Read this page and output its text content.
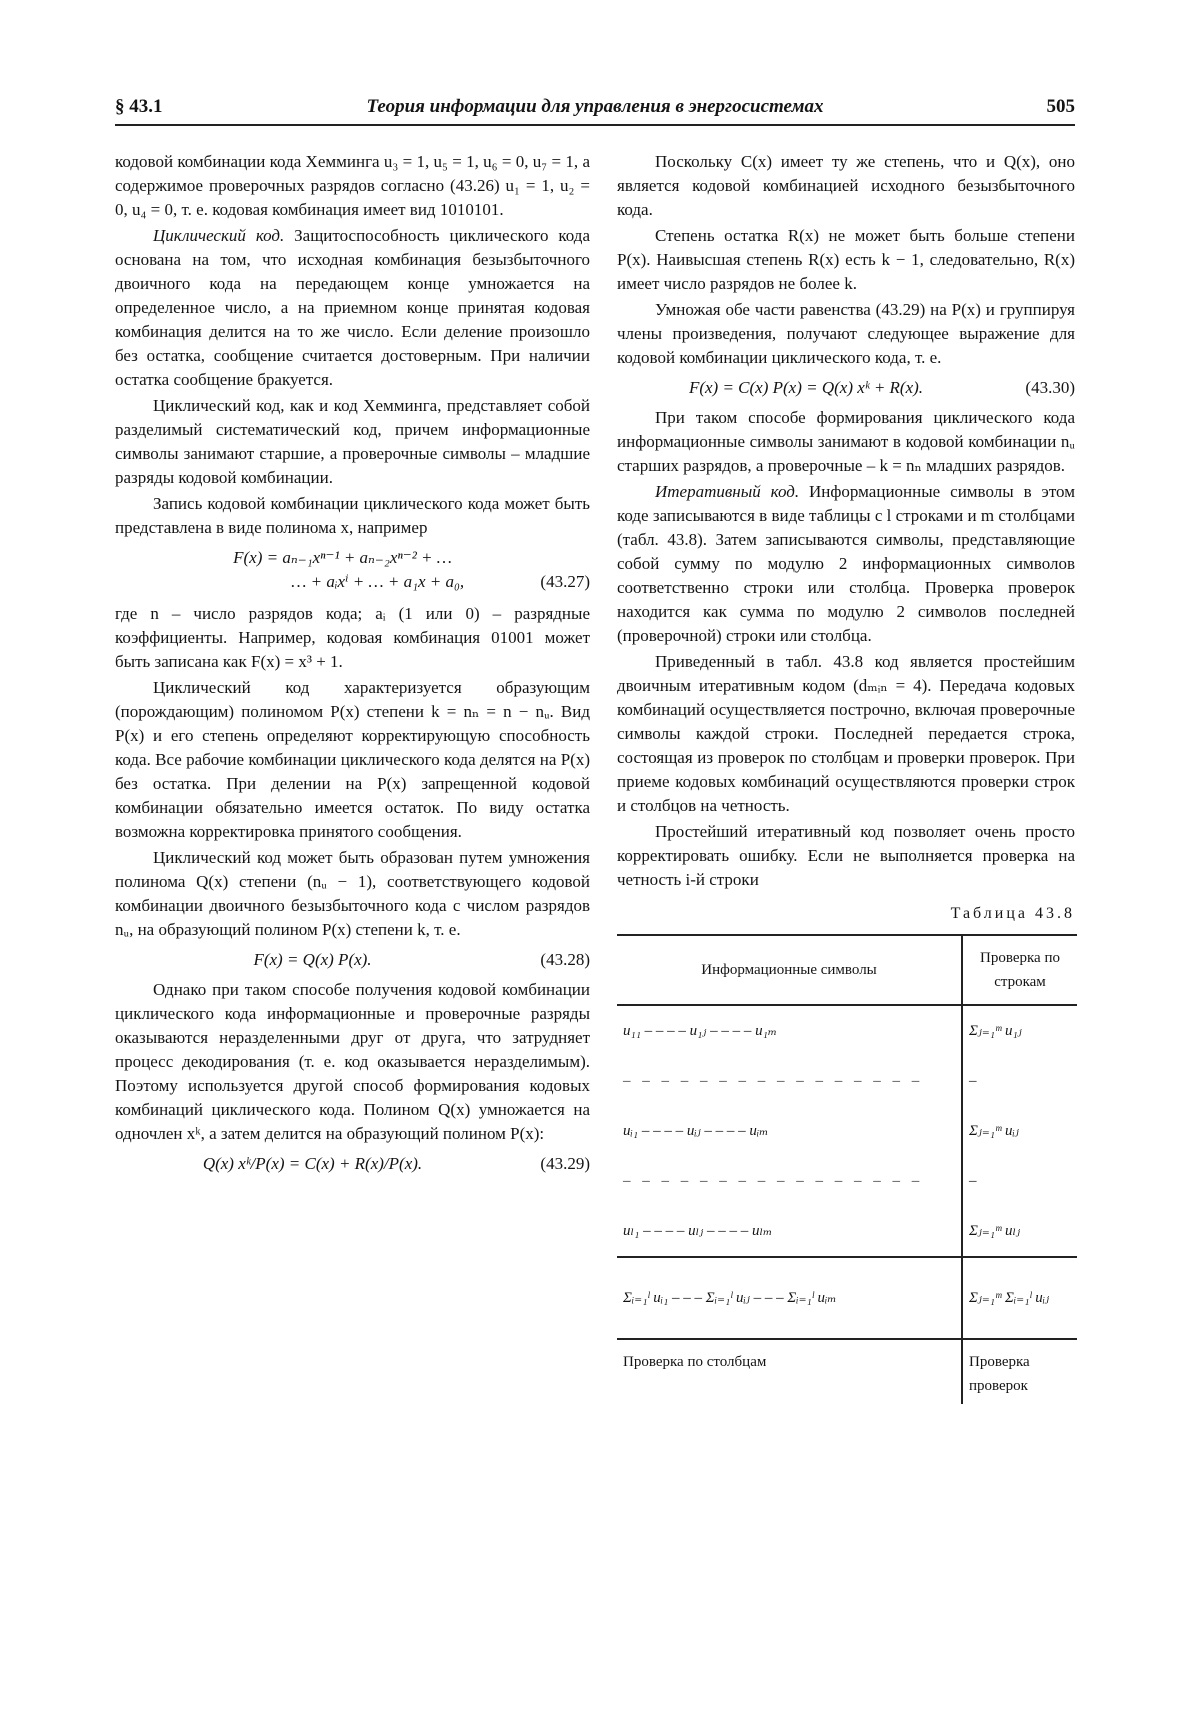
§ 43.1	Теория информации для управления в энергосистемах	505

кодовой комбинации кода Хемминга u₃ = 1, u₅ = 1, u₆ = 0, u₇ = 1, а содержимое проверочных разрядов согласно (43.26) u₁ = 1, u₂ = 0, u₄ = 0, т. е. кодовая комбинация имеет вид 1010101.

Циклический код. Защитоспособность циклического кода основана на том, что исходная комбинация безызбыточного двоичного кода на передающем конце умножается на определенное число, а на приемном конце принятая кодовая комбинация делится на то же число. Если деление произошло без остатка, сообщение считается достоверным. При наличии остатка сообщение бракуется.

Циклический код, как и код Хемминга, представляет собой разделимый систематический код, причем информационные символы занимают старшие, а проверочные символы – младшие разряды кодовой комбинации.

Запись кодовой комбинации циклического кода может быть представлена в виде полинома x, например

F(x) = aₙ₋₁xⁿ⁻¹ + aₙ₋₂xⁿ⁻² + …
… + aᵢxⁱ + … + a₁x + a₀,	(43.27)

где n – число разрядов кода; aᵢ (1 или 0) – разрядные коэффициенты. Например, кодовая комбинация 01001 может быть записана как F(x) = x³ + 1.

Циклический код характеризуется образующим (порождающим) полиномом P(x) степени k = nₙ = n − nᵤ. Вид P(x) и его степень определяют корректирующую способность кода. Все рабочие комбинации циклического кода делятся на P(x) без остатка. При делении на P(x) запрещенной кодовой комбинации обязательно имеется остаток. По виду остатка возможна корректировка принятого сообщения.

Циклический код может быть образован путем умножения полинома Q(x) степени (nᵤ − 1), соответствующего кодовой комбинации двоичного безызбыточного кода с числом разрядов nᵤ, на образующий полином P(x) степени k, т. е.

F(x) = Q(x) P(x).	(43.28)

Однако при таком способе получения кодовой комбинации циклического кода информационные и проверочные разряды оказываются неразделенными друг от друга, что затрудняет процесс декодирования (т. е. код оказывается неразделимым). Поэтому используется другой способ формирования кодовых комбинаций циклического кода. Полином Q(x) умножается на одночлен xᵏ, а затем делится на образующий полином P(x):

Q(x) xᵏ/P(x) = C(x) + R(x)/P(x).	(43.29)

Поскольку C(x) имеет ту же степень, что и Q(x), оно является кодовой комбинацией исходного безызбыточного кода.

Степень остатка R(x) не может быть больше степени P(x). Наивысшая степень R(x) есть k − 1, следовательно, R(x) имеет число разрядов не более k.

Умножая обе части равенства (43.29) на P(x) и группируя члены произведения, получают следующее выражение для кодовой комбинации циклического кода, т. е.

F(x) = C(x) P(x) = Q(x) xᵏ + R(x).	(43.30)

При таком способе формирования циклического кода информационные символы занимают в кодовой комбинации nᵤ старших разрядов, а проверочные – k = nₙ младших разрядов.

Итеративный код. Информационные символы в этом коде записываются в виде таблицы с l строками и m столбцами (табл. 43.8). Затем записываются символы, представляющие собой сумму по модулю 2 информационных символов соответственно строки или столбца. Проверка проверок находится как сумма по модулю 2 символов последней (проверочной) строки или столбца.

Приведенный в табл. 43.8 код является простейшим двоичным итеративным кодом (dₘᵢₙ = 4). Передача кодовых комбинаций осуществляется построчно, включая проверочные символы каждой строки. Последней передается строка, состоящая из проверок по столбцам и проверки проверок. При приеме кодовых комбинаций осуществляются проверки строк и столбцов на четность.

Простейший итеративный код позволяет очень просто корректировать ошибку. Если не выполняется проверка на четность i-й строки

Таблица 43.8
Информационные символы	Проверка по строкам
u₁₁ – – – – u₁ⱼ – – – – u₁ₘ	Σⱼ₌₁ᵐ u₁ⱼ
– – – – – – – – – – – – – – – –	–
uᵢ₁ – – – – uᵢⱼ – – – – uᵢₘ	Σⱼ₌₁ᵐ uᵢⱼ
– – – – – – – – – – – – – – – –	–
uₗ₁ – – – – uₗⱼ – – – – uₗₘ	Σⱼ₌₁ᵐ uₗⱼ
Σᵢ₌₁ˡ uᵢ₁ – – – Σᵢ₌₁ˡ uᵢⱼ – – – Σᵢ₌₁ˡ uᵢₘ	Σⱼ₌₁ᵐ Σᵢ₌₁ˡ uᵢⱼ
Проверка по столбцам	Проверка проверок
